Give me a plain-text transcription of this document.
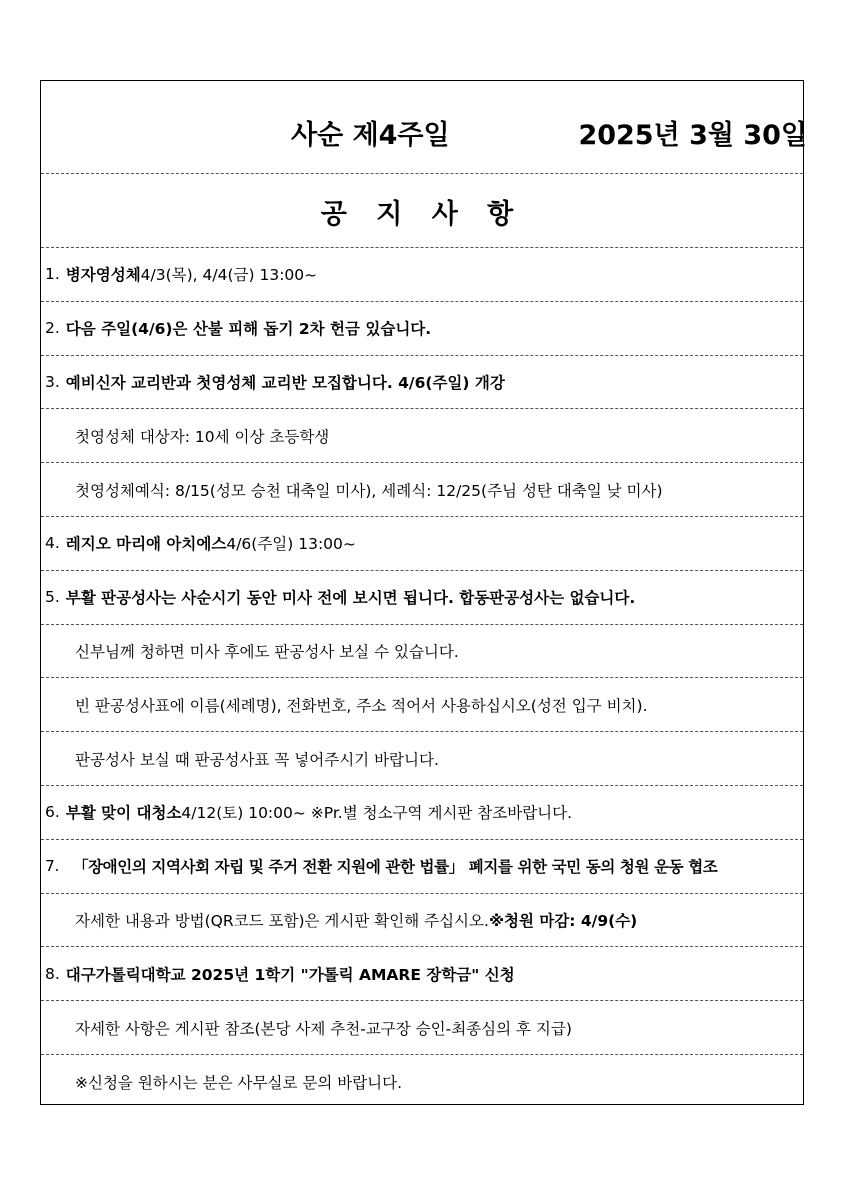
사순 제4주일	2025년 3월 30일
공 지 사 항
1. 병자영성체 4/3(목), 4/4(금) 13:00~
2. 다음 주일(4/6)은 산불 피해 돕기 2차 헌금 있습니다.
3. 예비신자 교리반과 첫영성체 교리반 모집합니다. 4/6(주일) 개강
첫영성체 대상자: 10세 이상 초등학생
첫영성체예식: 8/15(성모 승천 대축일 미사), 세례식: 12/25(주님 성탄 대축일 낮 미사)
4. 레지오 마리애 아치에스 4/6(주일) 13:00~
5. 부활 판공성사는 사순시기 동안 미사 전에 보시면 됩니다. 합동판공성사는 없습니다.
신부님께 청하면 미사 후에도 판공성사 보실 수 있습니다.
빈 판공성사표에 이름(세례명), 전화번호, 주소 적어서 사용하십시오(성전 입구 비치).
판공성사 보실 때 판공성사표 꼭 넣어주시기 바랍니다.
6. 부활 맞이 대청소 4/12(토) 10:00~ ※Pr.별 청소구역 게시판 참조바랍니다.
7. 「장애인의 지역사회 자립 및 주거 전환 지원에 관한 법률」 폐지를 위한 국민 동의 청원 운동 협조
자세한 내용과 방법(QR코드 포함)은 게시판 확인해 주십시오. ※청원 마감: 4/9(수)
8. 대구가톨릭대학교 2025년 1학기 "가톨릭 AMARE 장학금" 신청
자세한 사항은 게시판 참조(본당 사제 추천-교구장 승인-최종심의 후 지급)
※신청을 원하시는 분은 사무실로 문의 바랍니다.
